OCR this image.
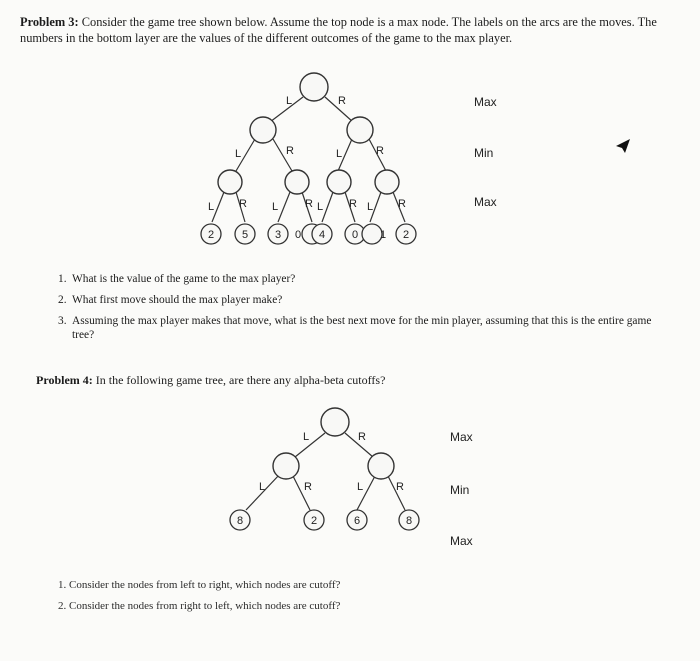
Problem 3: Consider the game tree shown below. Assume the top node is a max node. The labels on the arcs are the moves. The numbers in the bottom layer are the values of the different outcomes of the game to the max player.
2	5 3 0 4 0 1 2
L	R
L	R	L	R
L R L R L R L R
Max
Min
Max
8	2	6	8
L	R
L	R	L	R
Max
Min
Max
1. What is the value of the game to the max player?
2. What first move should the max player make?
3. Assuming the max player makes that move, what is the best next move for the min player, assuming that this is the entire game tree?
Problem 4: In the following game tree, are there any alpha-beta cutoffs?
1. Consider the nodes from left to right, which nodes are cutoff?
2. Consider the nodes from right to left, which nodes are cutoff?
